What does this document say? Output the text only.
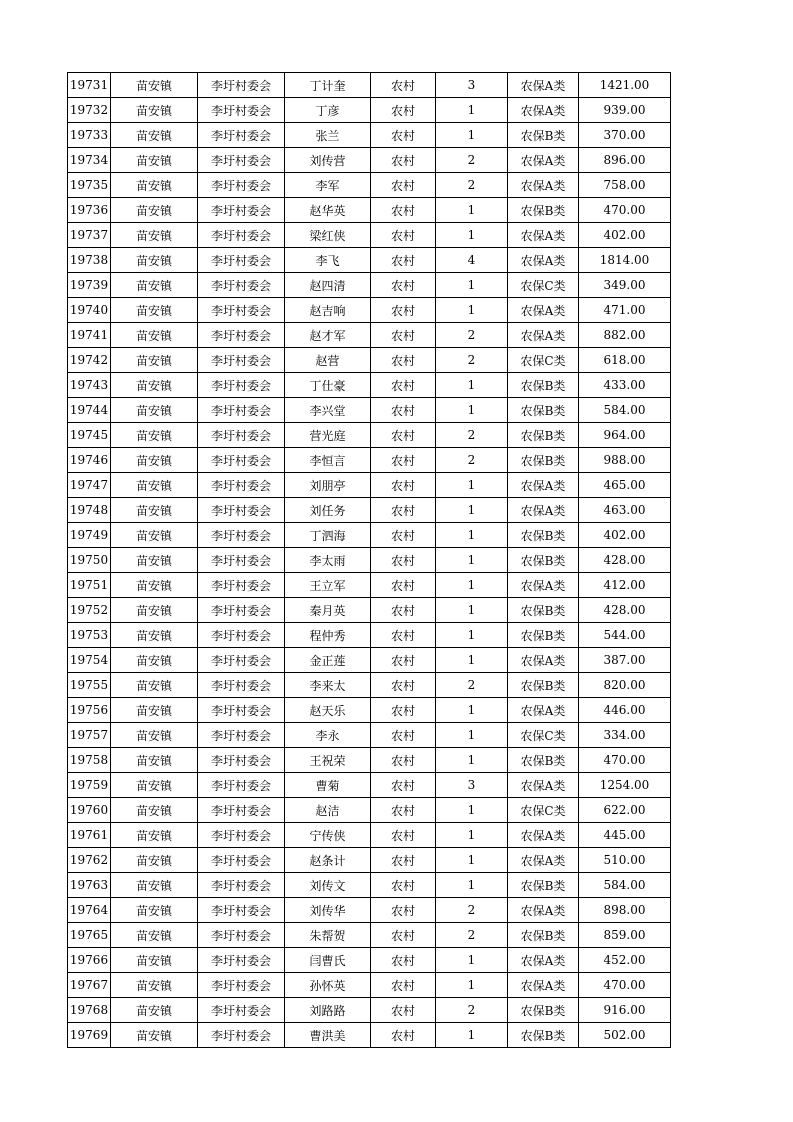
19731	苗安镇	李圩村委会	丁计奎	农村	3	农保A类	1421.00
19732	苗安镇	李圩村委会	丁彦	农村	1	农保A类	939.00
19733	苗安镇	李圩村委会	张兰	农村	1	农保B类	370.00
19734	苗安镇	李圩村委会	刘传营	农村	2	农保A类	896.00
19735	苗安镇	李圩村委会	李军	农村	2	农保A类	758.00
19736	苗安镇	李圩村委会	赵华英	农村	1	农保B类	470.00
19737	苗安镇	李圩村委会	梁红侠	农村	1	农保A类	402.00
19738	苗安镇	李圩村委会	李飞	农村	4	农保A类	1814.00
19739	苗安镇	李圩村委会	赵四清	农村	1	农保C类	349.00
19740	苗安镇	李圩村委会	赵吉响	农村	1	农保A类	471.00
19741	苗安镇	李圩村委会	赵才军	农村	2	农保A类	882.00
19742	苗安镇	李圩村委会	赵营	农村	2	农保C类	618.00
19743	苗安镇	李圩村委会	丁仕豪	农村	1	农保B类	433.00
19744	苗安镇	李圩村委会	李兴堂	农村	1	农保B类	584.00
19745	苗安镇	李圩村委会	营光庭	农村	2	农保B类	964.00
19746	苗安镇	李圩村委会	李恒言	农村	2	农保B类	988.00
19747	苗安镇	李圩村委会	刘朋亭	农村	1	农保A类	465.00
19748	苗安镇	李圩村委会	刘任务	农村	1	农保A类	463.00
19749	苗安镇	李圩村委会	丁泗海	农村	1	农保B类	402.00
19750	苗安镇	李圩村委会	李太雨	农村	1	农保B类	428.00
19751	苗安镇	李圩村委会	王立军	农村	1	农保A类	412.00
19752	苗安镇	李圩村委会	秦月英	农村	1	农保B类	428.00
19753	苗安镇	李圩村委会	程仲秀	农村	1	农保B类	544.00
19754	苗安镇	李圩村委会	金正莲	农村	1	农保A类	387.00
19755	苗安镇	李圩村委会	李来太	农村	2	农保B类	820.00
19756	苗安镇	李圩村委会	赵天乐	农村	1	农保A类	446.00
19757	苗安镇	李圩村委会	李永	农村	1	农保C类	334.00
19758	苗安镇	李圩村委会	王祝荣	农村	1	农保B类	470.00
19759	苗安镇	李圩村委会	曹菊	农村	3	农保A类	1254.00
19760	苗安镇	李圩村委会	赵洁	农村	1	农保C类	622.00
19761	苗安镇	李圩村委会	宁传侠	农村	1	农保A类	445.00
19762	苗安镇	李圩村委会	赵条计	农村	1	农保A类	510.00
19763	苗安镇	李圩村委会	刘传文	农村	1	农保B类	584.00
19764	苗安镇	李圩村委会	刘传华	农村	2	农保A类	898.00
19765	苗安镇	李圩村委会	朱帮贺	农村	2	农保B类	859.00
19766	苗安镇	李圩村委会	闫曹氏	农村	1	农保A类	452.00
19767	苗安镇	李圩村委会	孙怀英	农村	1	农保A类	470.00
19768	苗安镇	李圩村委会	刘路路	农村	2	农保B类	916.00
19769	苗安镇	李圩村委会	曹洪美	农村	1	农保B类	502.00
